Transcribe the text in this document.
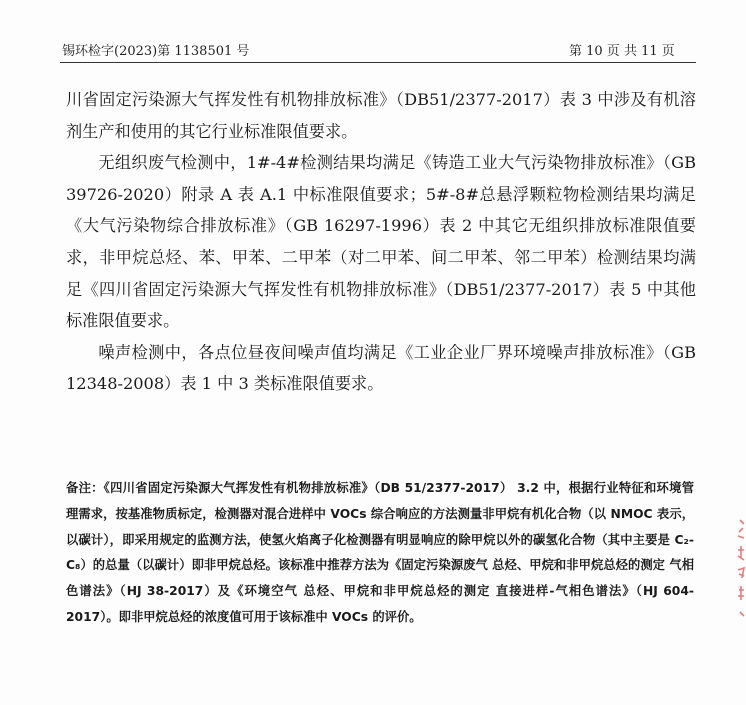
锡环检字(2023)第 1138501 号	第 10 页 共 11 页

川省固定污染源大气挥发性有机物排放标准》（DB51/2377-2017）表 3 中涉及有机溶剂生产和使用的其它行业标准限值要求。

无组织废气检测中，1#-4#检测结果均满足《铸造工业大气污染物排放标准》（GB 39726-2020）附录 A 表 A.1 中标准限值要求；5#-8#总悬浮颗粒物检测结果均满足《大气污染物综合排放标准》（GB 16297-1996）表 2 中其它无组织排放标准限值要求，非甲烷总烃、苯、甲苯、二甲苯（对二甲苯、间二甲苯、邻二甲苯）检测结果均满足《四川省固定污染源大气挥发性有机物排放标准》（DB51/2377-2017）表 5 中其他标准限值要求。

噪声检测中，各点位昼夜间噪声值均满足《工业企业厂界环境噪声排放标准》（GB 12348-2008）表 1 中 3 类标准限值要求。

备注：《四川省固定污染源大气挥发性有机物排放标准》（DB 51/2377-2017） 3.2 中，根据行业特征和环境管理需求，按基准物质标定，检测器对混合进样中 VOCs 综合响应的方法测量非甲烷有机化合物（以 NMOC 表示，以碳计），即采用规定的监测方法，使氢火焰离子化检测器有明显响应的除甲烷以外的碳氢化合物（其中主要是 C₂-C₈）的总量（以碳计）即非甲烷总烃。该标准中推荐方法为《固定污染源废气 总烃、甲烷和非甲烷总烃的测定 气相色谱法》（HJ 38-2017）及《环境空气 总烃、甲烷和非甲烷总烃的测定 直接进样-气相色谱法》（HJ 604-2017）。即非甲烷总烃的浓度值可用于该标准中 VOCs 的评价。
